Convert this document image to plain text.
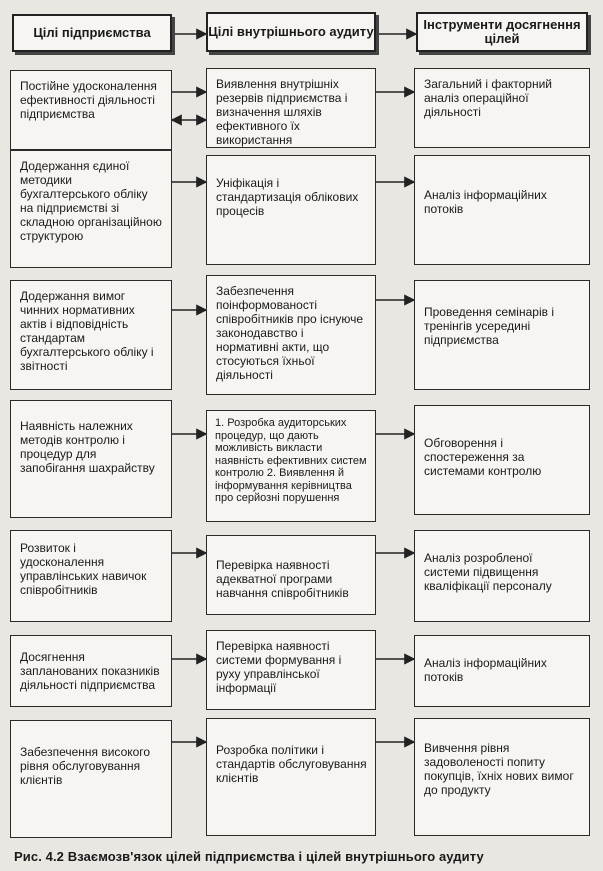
Цілі підприємства	Цілі внутрішнього аудиту	Інструменти досягнення цілей
Постійне удосконалення ефективності діяльності підприємства
Виявлення внутрішніх резервів підприємства і визначення шляхів ефективного їх використання
Загальний і факторний аналіз операційної діяльності
Додержання єдиної методики бухгалтерського обліку на підприємстві зі складною організаційною структурою
Уніфікація і стандартизація облікових процесів
Аналіз інформаційних потоків
Додержання вимог чинних нормативних актів і відповідність стандартам бухгалтерського обліку і звітності
Забезпечення поінформованості співробітників про існуюче законодавство і нормативні акти, що стосуються їхньої діяльності
Проведення семінарів і тренінгів усередині підприємства
Наявність належних методів контролю і процедур для запобігання шахрайству
1. Розробка аудиторських процедур, що дають можливість викласти наявність ефективних систем контролю 2. Виявлення й інформування керівництва про серйозні порушення
Обговорення і спостереження за системами контролю
Розвиток і удосконалення управлінських навичок співробітників
Перевірка наявності адекватної програми навчання співробітників
Аналіз розробленої системи підвищення кваліфікації персоналу
Досягнення запланованих показників діяльності підприємства
Перевірка наявності системи формування і руху управлінської інформації
Аналіз інформаційних потоків
Забезпечення високого рівня обслуговування клієнтів
Розробка політики і стандартів обслуговування клієнтів
Вивчення рівня задоволеності попиту покупців, їхніх нових вимог до продукту
Рис. 4.2 Взаємозв'язок цілей підприємства і цілей внутрішнього аудиту
